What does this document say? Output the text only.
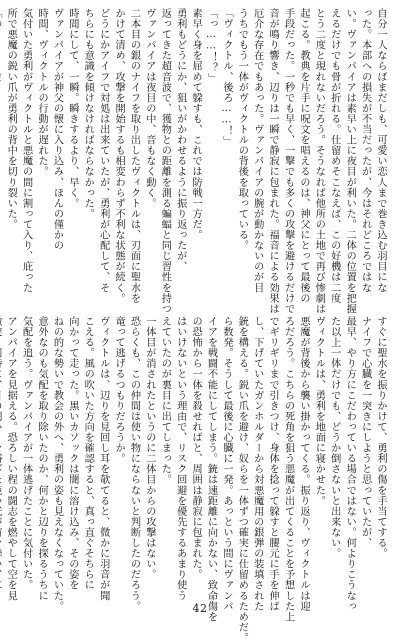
自分一人ならばまだしも、可愛い恋人まで巻き込む羽目にな
った。本部への損失が不当だったが、今はそれどころではな
い。ヴァンパイアは素早い上に夜目が利いた。二体の位置を把握
えるだけでも骨が折れる。仕留めそこなえば、この好機は二度
とう二度と現れないだろう。そうなれば他所の土地で再び惨劇は
起こる。教典を片手に呪文を唱えるのは、神父にとって最後の
手段だった。一秒でも早く、一撃でも多くの攻撃を避けるだけで
音が鳴り響き、辺りは一瞬で静寂に包まれた。福音による効果は
厄介な存在でもあった。ヴァンパイアの腕が動かないのが目
うちでもう一体がヴィクトルの背後を取っている。
「ヴィクトル、後ろ……！」
「っ……！？」
素早く身を屈めて躱すも、これでは防戦一方だ。
勇利もどうにか、狙いがかわせるように振り返ったが、
返ってきた超音波で、獲物との距離を測る蝙蝠と同じ習性を持つ
ヴァンパイアは夜目の中、音もなく動く。
二本目の銀のナイフを取り出したヴィクトルは、刃面に聖水を
かけて清め、攻撃を開始するも相変わらず不利な状態が続く。
どうにかアイフで対処は出来ていたが、勇利が心配して、そ
ちらにも意識を傾けなければならなかった。
時間にして、一瞬。瞬きするより、早く。
ヴァンパイアが神父の懐に入り込み、ほんの僅かの
時間、ヴィクトルの行動が遅れた。
気付いた勇利がヴィクトルと悪魔の間に割って入り、庇った
所で悪魔の鋭い爪が勇利の背中を切り裂いた。
すぐに聖水を振りかけて、勇利の傷を手当てする。
ナイフで心臓を一突きにしようと思っていたが、
最早、やり方にこだわっている場合ではない。何よりこうなっ
た以上一体だけでも、どうか倒さないと出来ない。
ヴィクトルは、勇利を地面に寝かせた。
悪魔が背後から襲い掛かってくる。振り返り、ヴィクトルは迎
ろだろう。こちらの死角を狙う悪魔が出てくることを予想した上
でギリギリまで引きつけ、身体を捻って躱すと腰元に手を伸ば
し、下げていたガンホルダーから対悪魔用の銀弾の装填された
銃を構える。鋭い爪を避け、奴らを一体ずつ確実に仕留めるためだ。
ら数発。そうして最後に心臓に一発。あっという間にヴァンパ
イアを戦闘不能にしてしまう。銃は速距離に向かない、致命傷を
の恐怖から一体を殺せればと、周囲は静寂に包まれた。
はいけないという理由で、リスク回避を優先するあまり使う
えていたのが裏目に出てしまった。
一体目が消されたというのに二体目からの攻撃はない。
恐らくも、この仲間は使い物にならないと判断したのだろう。
竜って逃げるつもりだろうか。
ヴィクトルは、辺りを見回し耳を欹てると、微かに羽音が聞
こえる。風の吹いた方向を確認すると、真っ直ぐそちらに
向かって走った。黒いカソックは闇に溶け込み、その姿を
ねの的な勢いで教会の外へ、勇利の姿も見えなくなっていた。
意外なのも気配を取り除いたのか、何かと辺りを探るうちに
気配を追う。ヴァンパイアが一体逃げたことに気付いた。
アンパイアを見据える。恐ろしい程の闘志を燃やして空を見
42
